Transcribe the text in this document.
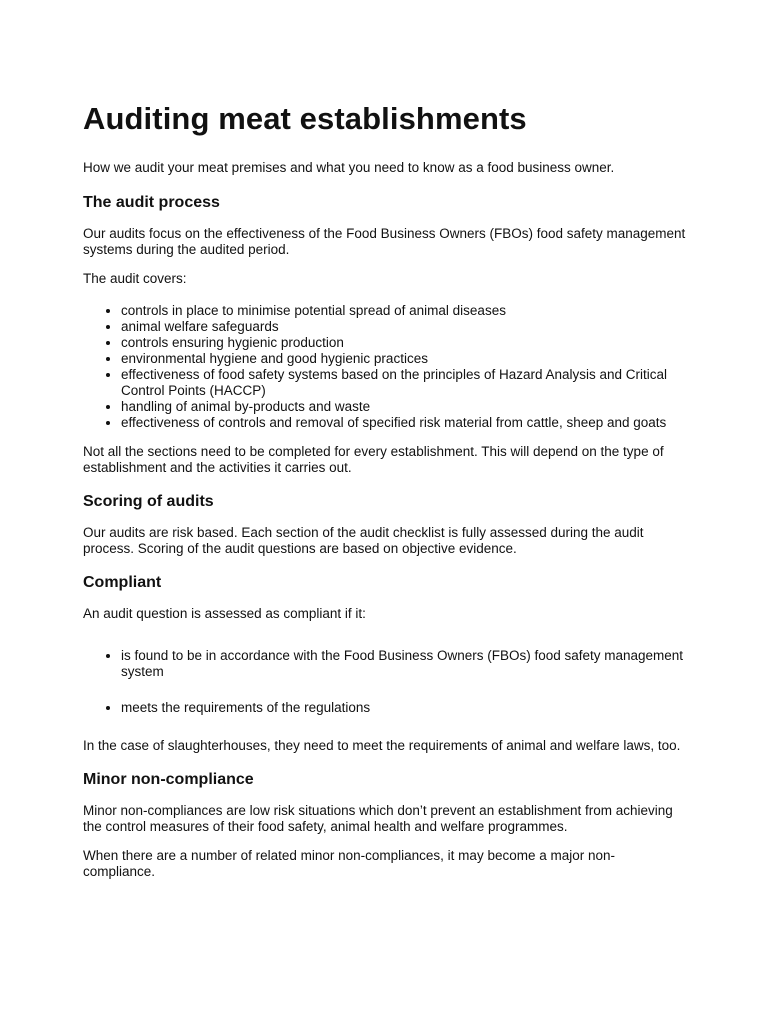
Auditing meat establishments

How we audit your meat premises and what you need to know as a food business owner.

The audit process

Our audits focus on the effectiveness of the Food Business Owners (FBOs) food safety management systems during the audited period.

The audit covers:

• controls in place to minimise potential spread of animal diseases
• animal welfare safeguards
• controls ensuring hygienic production
• environmental hygiene and good hygienic practices
• effectiveness of food safety systems based on the principles of Hazard Analysis and Critical Control Points (HACCP)
• handling of animal by-products and waste
• effectiveness of controls and removal of specified risk material from cattle, sheep and goats

Not all the sections need to be completed for every establishment. This will depend on the type of establishment and the activities it carries out.

Scoring of audits

Our audits are risk based. Each section of the audit checklist is fully assessed during the audit process. Scoring of the audit questions are based on objective evidence.

Compliant

An audit question is assessed as compliant if it:

• is found to be in accordance with the Food Business Owners (FBOs) food safety management system
• meets the requirements of the regulations

In the case of slaughterhouses, they need to meet the requirements of animal and welfare laws, too.

Minor non-compliance

Minor non-compliances are low risk situations which don’t prevent an establishment from achieving the control measures of their food safety, animal health and welfare programmes.

When there are a number of related minor non-compliances, it may become a major non-compliance.
